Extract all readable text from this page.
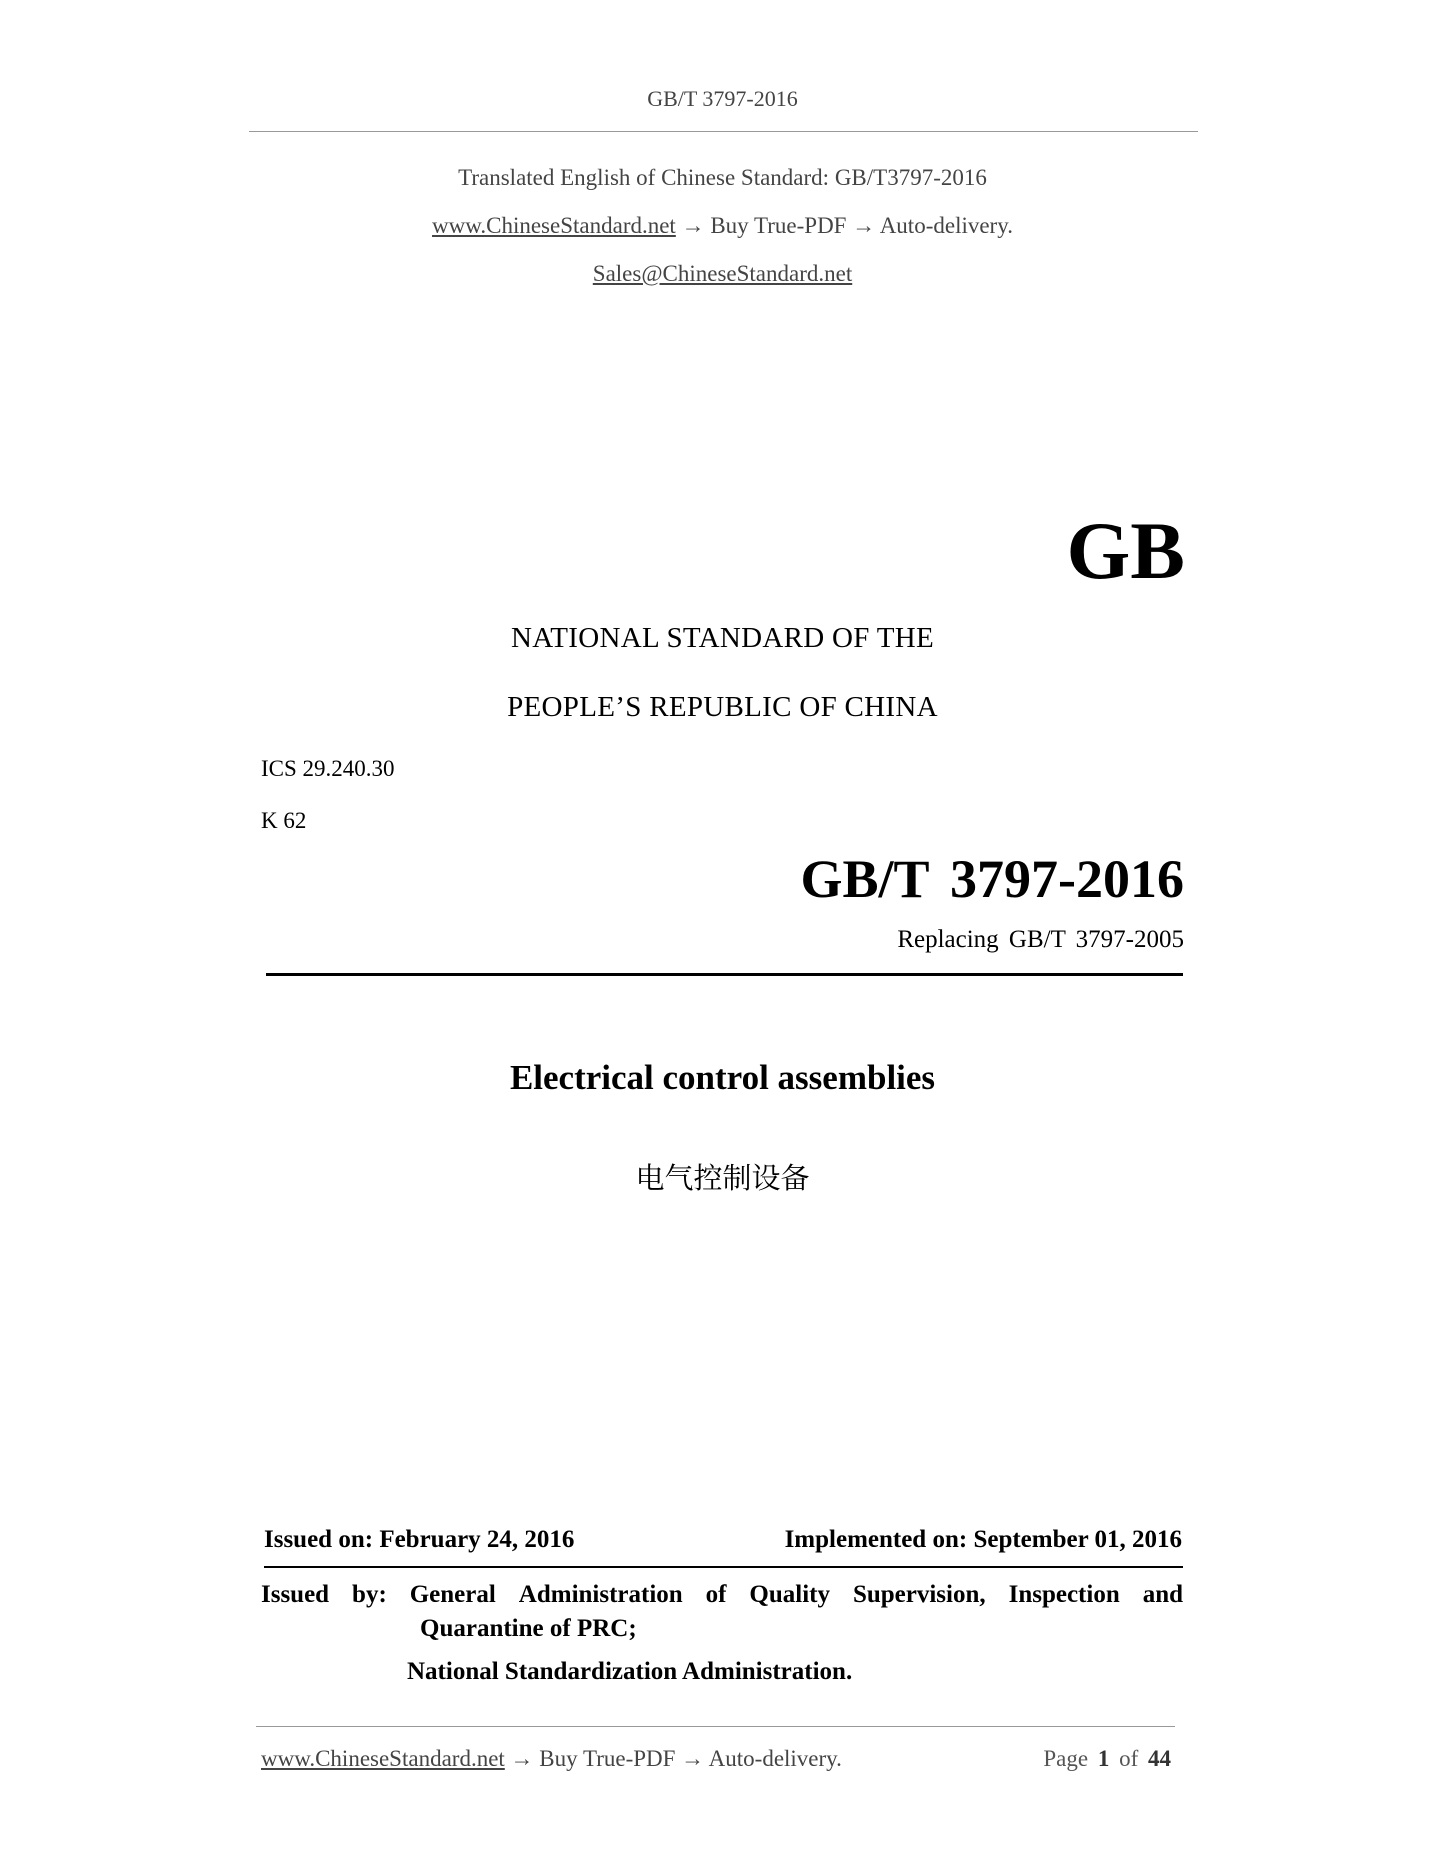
GB/T 3797-2016
Translated English of Chinese Standard: GB/T3797-2016
www.ChineseStandard.net → Buy True-PDF → Auto-delivery.
Sales@ChineseStandard.net
GB
NATIONAL STANDARD OF THE
PEOPLE’S REPUBLIC OF CHINA
ICS 29.240.30
K 62
GB/T 3797-2016
Replacing GB/T 3797-2005
Electrical control assemblies
电气控制设备
Issued on: February 24, 2016	Implemented on: September 01, 2016
Issued by: General Administration of Quality Supervision, Inspection and
Quarantine of PRC;
National Standardization Administration.
www.ChineseStandard.net → Buy True-PDF → Auto-delivery.	Page 1 of 44
